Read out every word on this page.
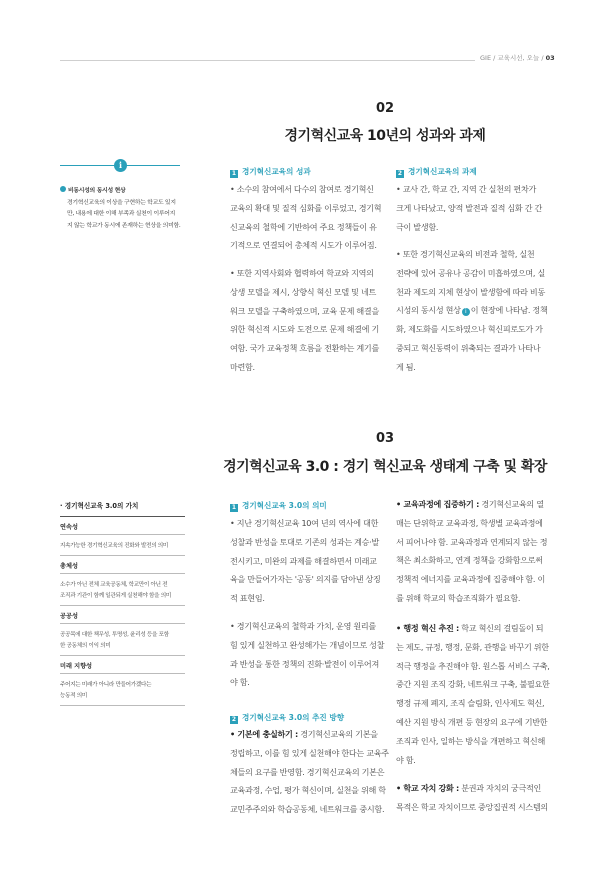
GIE / 교육시선, 오늘 / 03
02
경기혁신교육 10년의 성과와 과제
i
비동시성의 동시성 현상
경기혁신교육의 이상을 구현하는 학교도 있지
만, 내용에 대한 이해 부족과 실천이 이루어지
지 않는 학교가 동시에 존재하는 현상을 의미함.
1 경기혁신교육의 성과
• 소수의 참여에서 다수의 참여로 경기혁신
교육의 확대 및 질적 심화를 이루었고, 경기혁
신교육의 철학에 기반하여 주요 정책들이 유
기적으로 연결되어 총체적 시도가 이루어짐.
• 또한 지역사회와 협력하여 학교와 지역의
상생 모델을 제시, 상향식 혁신 모델 및 네트
워크 모델을 구축하였으며, 교육 문제 해결을
위한 혁신적 시도와 도전으로 문제 해결에 기
여함. 국가 교육정책 흐름을 전환하는 계기를
마련함.
2 경기혁신교육의 과제
• 교사 간, 학교 간, 지역 간 실천의 편차가
크게 나타났고, 양적 발전과 질적 심화 간 간
극이 발생함.
• 또한 경기혁신교육의 비전과 철학, 실천
전략에 있어 공유나 공감이 미흡하였으며, 실
천과 제도의 지체 현상이 발생함에 따라 비동
시성의 동시성 현상 i 이 현장에 나타남. 정책
화, 제도화를 시도하였으나 혁신피로도가 가
중되고 혁신동력이 위축되는 결과가 나타나
게 됨.
03
경기혁신교육 3.0 : 경기 혁신교육 생태계 구축 및 확장
· 경기혁신교육 3.0의 가치
연속성
지속가능한 경기혁신교육의 진화와 발전의 의미
총체성
소수가 아닌 전체 교육공동체, 학교만이 아닌 전
조직과 기관이 함께 일관되게 실천해야 함을 의미
공공성
공공목에 대한 책무성, 투명성, 윤리성 등을 포함
한 공동체의 이익 의미
미래 지향성
주어지는 미래가 아니라 만들어가겠다는
능동적 의미
1 경기혁신교육 3.0의 의미
• 지난 경기혁신교육 10여 년의 역사에 대한
성찰과 반성을 토대로 기존의 성과는 계승·발
전시키고, 미완의 과제를 해결하면서 미래교
육을 만들어가자는 '공동' 의지를 담아낸 상징
적 표현임.
• 경기혁신교육의 철학과 가치, 운영 원리를
힘 있게 실천하고 완성해가는 개념이므로 성찰
과 반성을 통한 정책의 진화·발전이 이루어져
야 함.
2 경기혁신교육 3.0의 추진 방향
• 기본에 충실하기 : 경기혁신교육의 기본을
정립하고, 이를 힘 있게 실천해야 한다는 교육주
체들의 요구를 반영함. 경기혁신교육의 기본은
교육과정, 수업, 평가 혁신이며, 실천을 위해 학
교민주주의와 학습공동체, 네트워크를 중시함.
• 교육과정에 집중하기 : 경기혁신교육의 열
매는 단위학교 교육과정, 학생별 교육과정에
서 피어나야 함. 교육과정과 연계되지 않는 정
책은 최소화하고, 연계 정책을 강화함으로써
정책적 에너지를 교육과정에 집중해야 함. 이
를 위해 학교의 학습조직화가 필요함.
• 행정 혁신 추진 : 학교 혁신의 걸림돌이 되
는 제도, 규정, 행정, 문화, 관행을 바꾸기 위한
적극 행정을 추진해야 함. 원스톱 서비스 구축,
중간 지원 조직 강화, 네트워크 구축, 불필요한
행정 규제 폐지, 조직 슬림화, 인사제도 혁신,
예산 지원 방식 개편 등 현장의 요구에 기반한
조직과 인사, 일하는 방식을 개편하고 혁신해
야 함.
• 학교 자치 강화 : 분권과 자치의 궁극적인
목적은 학교 자치이므로 중앙집권적 시스템의
